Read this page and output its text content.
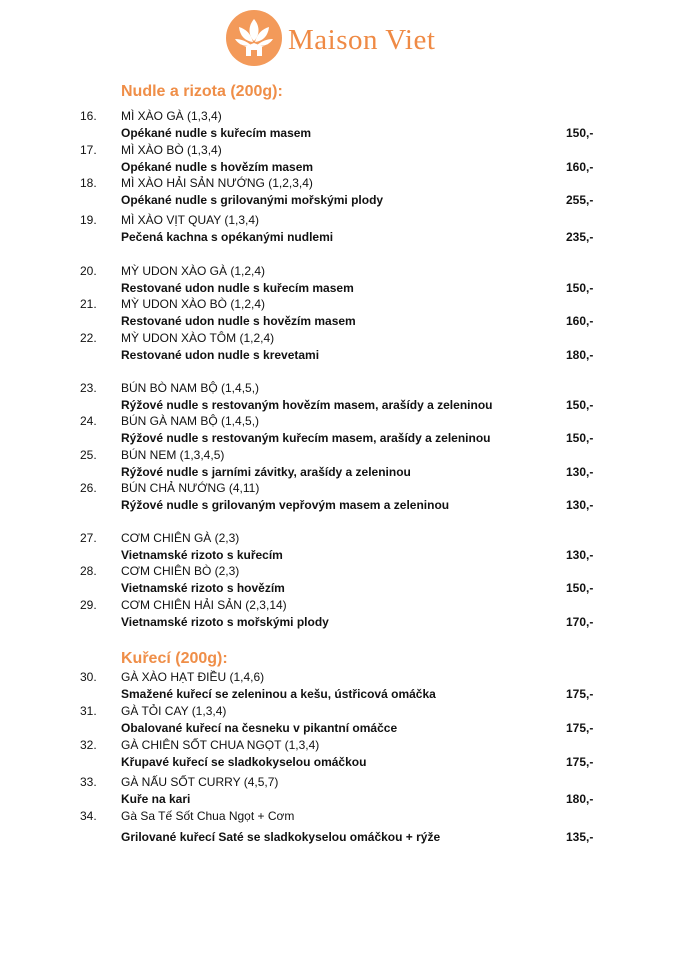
Maison Viet
Nudle a rizota (200g):
Kuřecí (200g):
16. MÌ XÀO GÀ (1,3,4)
Opékané nudle s kuřecím masem	150,-
17. MÌ XÀO BÒ (1,3,4)
Opékané nudle s hovězím masem	160,-
18. MÌ XÀO HẢI SẢN NƯỚNG (1,2,3,4)
Opékané nudle s grilovanými mořskými plody	255,-
19. MÌ XÀO VỊT QUAY (1,3,4)
Pečená kachna s opékanými nudlemi	235,-
20. MỲ UDON XÀO GÀ (1,2,4)
Restované udon nudle s kuřecím masem	150,-
21. MỲ UDON XÀO BÒ (1,2,4)
Restované udon nudle s hovězím masem	160,-
22. MỲ UDON XÀO TÔM (1,2,4)
Restované udon nudle s krevetami	180,-
23. BÚN BÒ NAM BỘ (1,4,5,)
Rýžové nudle s restovaným hovězím masem, arašídy a zeleninou	150,-
24. BÚN GÀ NAM BỘ (1,4,5,)
Rýžové nudle s restovaným kuřecím masem, arašídy a zeleninou	150,-
25. BÚN NEM (1,3,4,5)
Rýžové nudle s jarními závitky, arašídy a zeleninou	130,-
26. BÚN CHẢ NƯỚNG (4,11)
Rýžové nudle s grilovaným vepřovým masem a zeleninou	130,-
27. CƠM CHIÊN GÀ (2,3)
Vietnamské rizoto s kuřecím	130,-
28. CƠM CHIÊN BÒ (2,3)
Vietnamské rizoto s hovězím	150,-
29. CƠM CHIÊN HẢI SẢN (2,3,14)
Vietnamské rizoto s mořskými plody	170,-
30. GÀ XÀO HẠT ĐIỀU (1,4,6)
Smažené kuřecí se zeleninou a kešu, ústřicová omáčka	175,-
31. GÀ TỎI CAY (1,3,4)
Obalované kuřecí na česneku v pikantní omáčce	175,-
32. GÀ CHIÊN SỐT CHUA NGỌT (1,3,4)
Křupavé kuřecí se sladkokyselou omáčkou	175,-
33. GÀ NẤU SỐT CURRY (4,5,7)
Kuře na kari	180,-
34. Gà Sa Tế Sốt Chua Ngọt + Cơm
Grilované kuřecí Saté se sladkokyselou omáčkou + rýže	135,-
